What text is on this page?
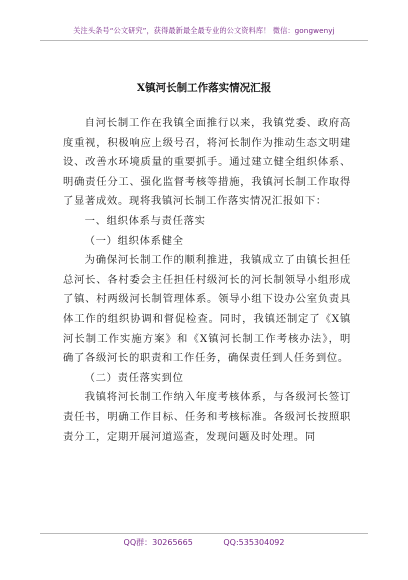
关注头条号“公文研究”，获得最新最全最专业的公文资料库！ 微信：gongwenyj
X镇河长制工作落实情况汇报

自河长制工作在我镇全面推行以来，我镇党委、政府高度重视，积极响应上级号召，将河长制作为推动生态文明建设、改善水环境质量的重要抓手。通过建立健全组织体系、明确责任分工、强化监督考核等措施，我镇河长制工作取得了显著成效。现将我镇河长制工作落实情况汇报如下：

一、组织体系与责任落实

（一）组织体系健全

为确保河长制工作的顺利推进，我镇成立了由镇长担任总河长、各村委会主任担任村级河长的河长制领导小组形成了镇、村两级河长制管理体系。领导小组下设办公室负责具体工作的组织协调和督促检查。同时，我镇还制定了《X镇河长制工作实施方案》和《X镇河长制工作考核办法》，明确了各级河长的职责和工作任务，确保责任到人任务到位。

（二）责任落实到位

我镇将河长制工作纳入年度考核体系，与各级河长签订责任书，明确工作目标、任务和考核标准。各级河长按照职责分工，定期开展河道巡查，发现问题及时处理。同

QQ群：30265665	QQ:535304092
